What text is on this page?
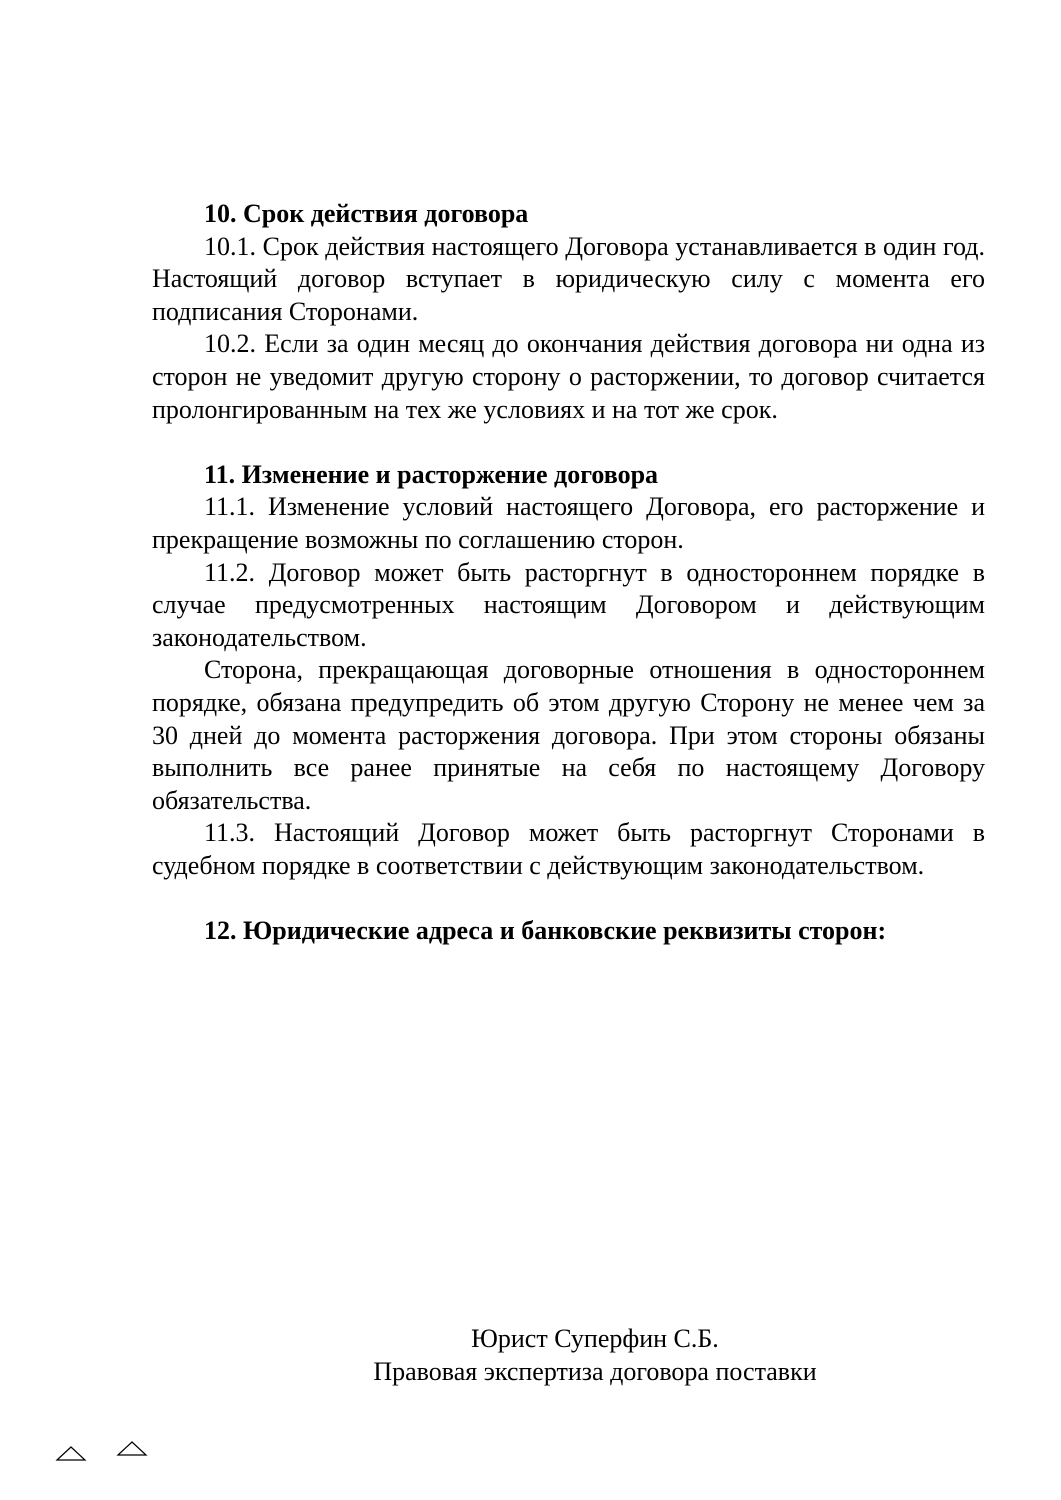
10. Срок действия договора

10.1. Срок действия настоящего Договора устанавливается в один год. Настоящий договор вступает в юридическую силу с момента его подписания Сторонами.

10.2. Если за один месяц до окончания действия договора ни одна из сторон не уведомит другую сторону о расторжении, то договор считается пролонгированным на тех же условиях и на тот же срок.

11. Изменение и расторжение договора

11.1. Изменение условий настоящего Договора, его расторжение и прекращение возможны по соглашению сторон.

11.2. Договор может быть расторгнут в одностороннем порядке в случае предусмотренных настоящим Договором и действующим законодательством.

Сторона, прекращающая договорные отношения в одностороннем порядке, обязана предупредить об этом другую Сторону не менее чем за 30 дней до момента расторжения договора. При этом стороны обязаны выполнить все ранее принятые на себя по настоящему Договору обязательства.

11.3. Настоящий Договор может быть расторгнут Сторонами в судебном порядке в соответствии с действующим законодательством.

12. Юридические адреса и банковские реквизиты сторон:

Юрист Суперфин С.Б.
Правовая экспертиза договора поставки
